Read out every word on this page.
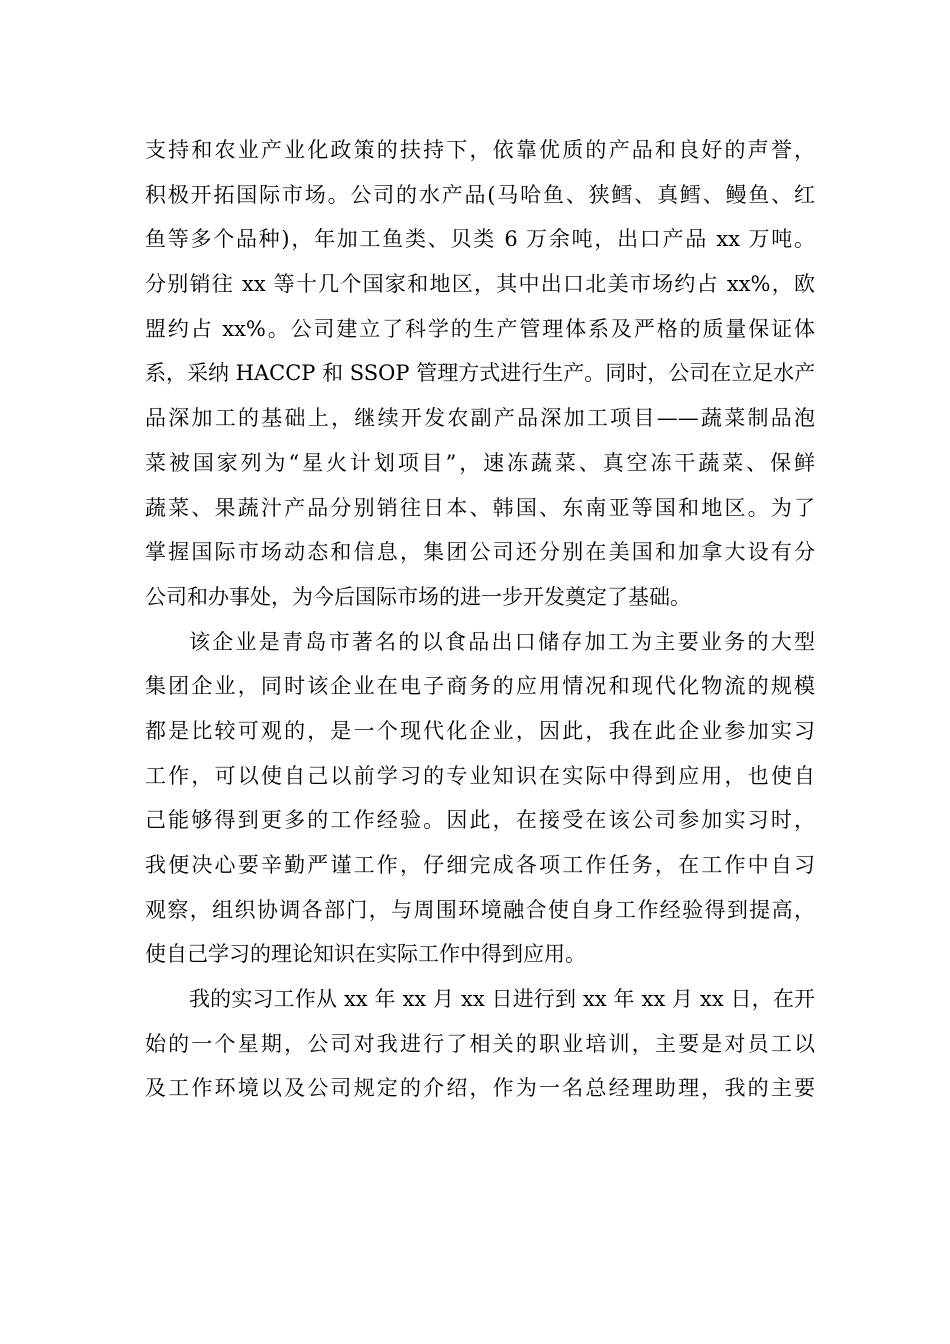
支持和农业产业化政策的扶持下，依靠优质的产品和良好的声誉，
积极开拓国际市场。公司的水产品(马哈鱼、狭鳕、真鳕、鳗鱼、红
鱼等多个品种)，年加工鱼类、贝类 6 万余吨，出口产品 xx 万吨。
分别销往 xx 等十几个国家和地区，其中出口北美市场约占 xx%，欧
盟约占 xx%。公司建立了科学的生产管理体系及严格的质量保证体
系，采纳 HACCP 和 SSOP 管理方式进行生产。同时，公司在立足水产
品深加工的基础上，继续开发农副产品深加工项目——蔬菜制品泡
菜被国家列为“星火计划项目”，速冻蔬菜、真空冻干蔬菜、保鲜
蔬菜、果蔬汁产品分别销往日本、韩国、东南亚等国和地区。为了
掌握国际市场动态和信息，集团公司还分别在美国和加拿大设有分
公司和办事处，为今后国际市场的进一步开发奠定了基础。
该企业是青岛市著名的以食品出口储存加工为主要业务的大型
集团企业，同时该企业在电子商务的应用情况和现代化物流的规模
都是比较可观的，是一个现代化企业，因此，我在此企业参加实习
工作，可以使自己以前学习的专业知识在实际中得到应用，也使自
己能够得到更多的工作经验。因此，在接受在该公司参加实习时，
我便决心要辛勤严谨工作，仔细完成各项工作任务，在工作中自习
观察，组织协调各部门，与周围环境融合使自身工作经验得到提高，
使自己学习的理论知识在实际工作中得到应用。
我的实习工作从 xx 年 xx 月 xx 日进行到 xx 年 xx 月 xx 日，在开
始的一个星期，公司对我进行了相关的职业培训，主要是对员工以
及工作环境以及公司规定的介绍，作为一名总经理助理，我的主要
